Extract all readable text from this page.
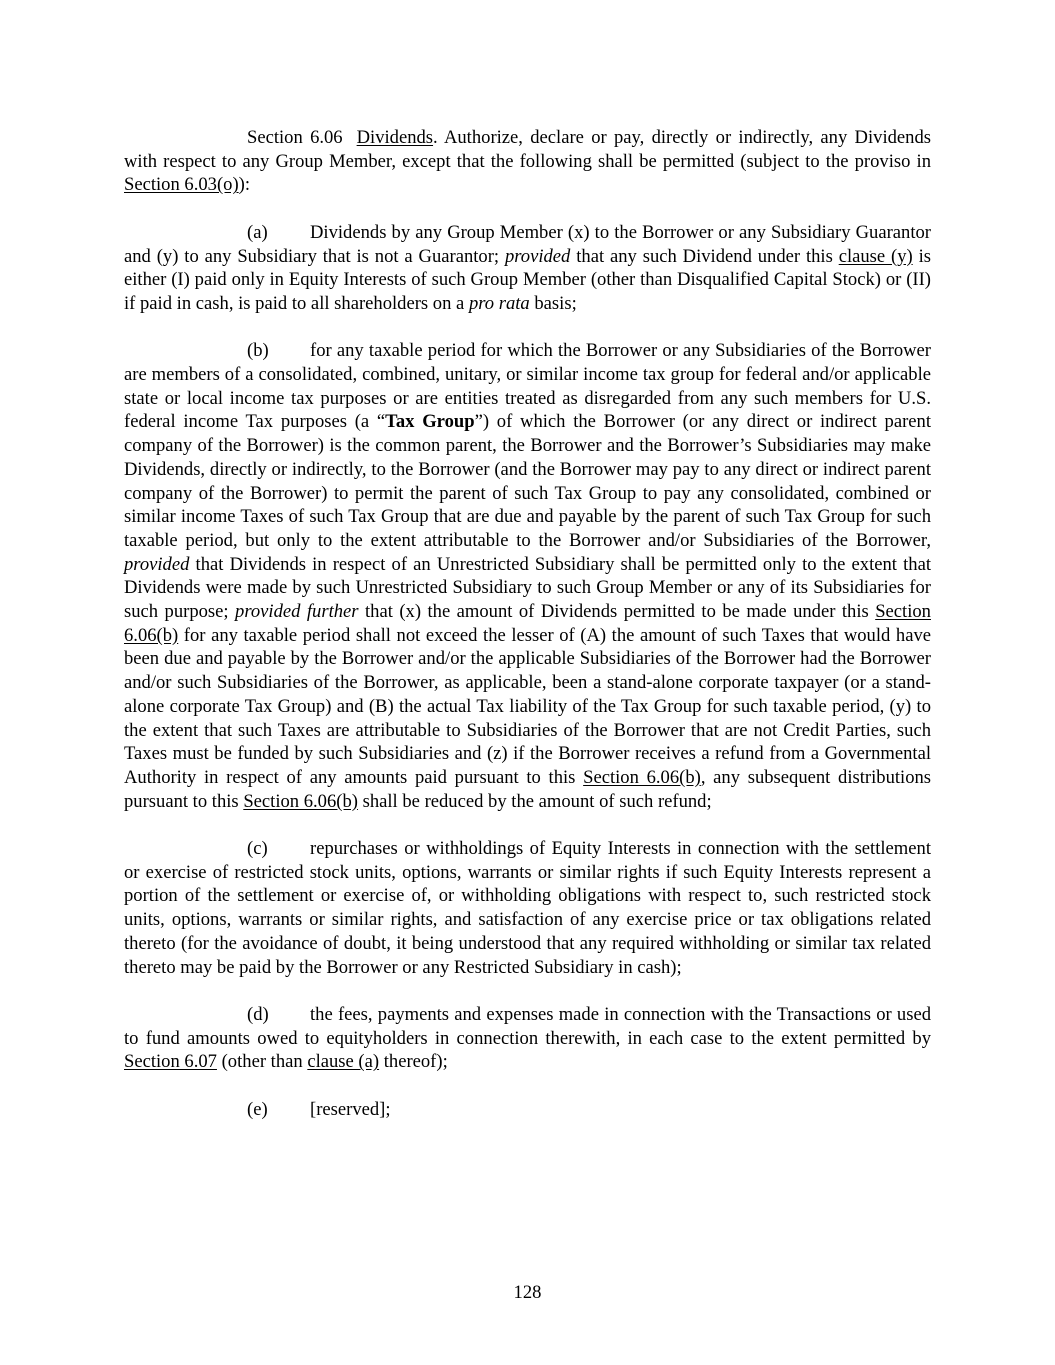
Section 6.06 Dividends. Authorize, declare or pay, directly or indirectly, any Dividends with respect to any Group Member, except that the following shall be permitted (subject to the proviso in Section 6.03(o)):

(a) Dividends by any Group Member (x) to the Borrower or any Subsidiary Guarantor and (y) to any Subsidiary that is not a Guarantor; provided that any such Dividend under this clause (y) is either (I) paid only in Equity Interests of such Group Member (other than Disqualified Capital Stock) or (II) if paid in cash, is paid to all shareholders on a pro rata basis;

(b) for any taxable period for which the Borrower or any Subsidiaries of the Borrower are members of a consolidated, combined, unitary, or similar income tax group for federal and/or applicable state or local income tax purposes or are entities treated as disregarded from any such members for U.S. federal income Tax purposes (a “Tax Group”) of which the Borrower (or any direct or indirect parent company of the Borrower) is the common parent, the Borrower and the Borrower’s Subsidiaries may make Dividends, directly or indirectly, to the Borrower (and the Borrower may pay to any direct or indirect parent company of the Borrower) to permit the parent of such Tax Group to pay any consolidated, combined or similar income Taxes of such Tax Group that are due and payable by the parent of such Tax Group for such taxable period, but only to the extent attributable to the Borrower and/or Subsidiaries of the Borrower, provided that Dividends in respect of an Unrestricted Subsidiary shall be permitted only to the extent that Dividends were made by such Unrestricted Subsidiary to such Group Member or any of its Subsidiaries for such purpose; provided further that (x) the amount of Dividends permitted to be made under this Section 6.06(b) for any taxable period shall not exceed the lesser of (A) the amount of such Taxes that would have been due and payable by the Borrower and/or the applicable Subsidiaries of the Borrower had the Borrower and/or such Subsidiaries of the Borrower, as applicable, been a stand-alone corporate taxpayer (or a stand-alone corporate Tax Group) and (B) the actual Tax liability of the Tax Group for such taxable period, (y) to the extent that such Taxes are attributable to Subsidiaries of the Borrower that are not Credit Parties, such Taxes must be funded by such Subsidiaries and (z) if the Borrower receives a refund from a Governmental Authority in respect of any amounts paid pursuant to this Section 6.06(b), any subsequent distributions pursuant to this Section 6.06(b) shall be reduced by the amount of such refund;

(c) repurchases or withholdings of Equity Interests in connection with the settlement or exercise of restricted stock units, options, warrants or similar rights if such Equity Interests represent a portion of the settlement or exercise of, or withholding obligations with respect to, such restricted stock units, options, warrants or similar rights, and satisfaction of any exercise price or tax obligations related thereto (for the avoidance of doubt, it being understood that any required withholding or similar tax related thereto may be paid by the Borrower or any Restricted Subsidiary in cash);

(d) the fees, payments and expenses made in connection with the Transactions or used to fund amounts owed to equityholders in connection therewith, in each case to the extent permitted by Section 6.07 (other than clause (a) thereof);

(e) [reserved];

128
